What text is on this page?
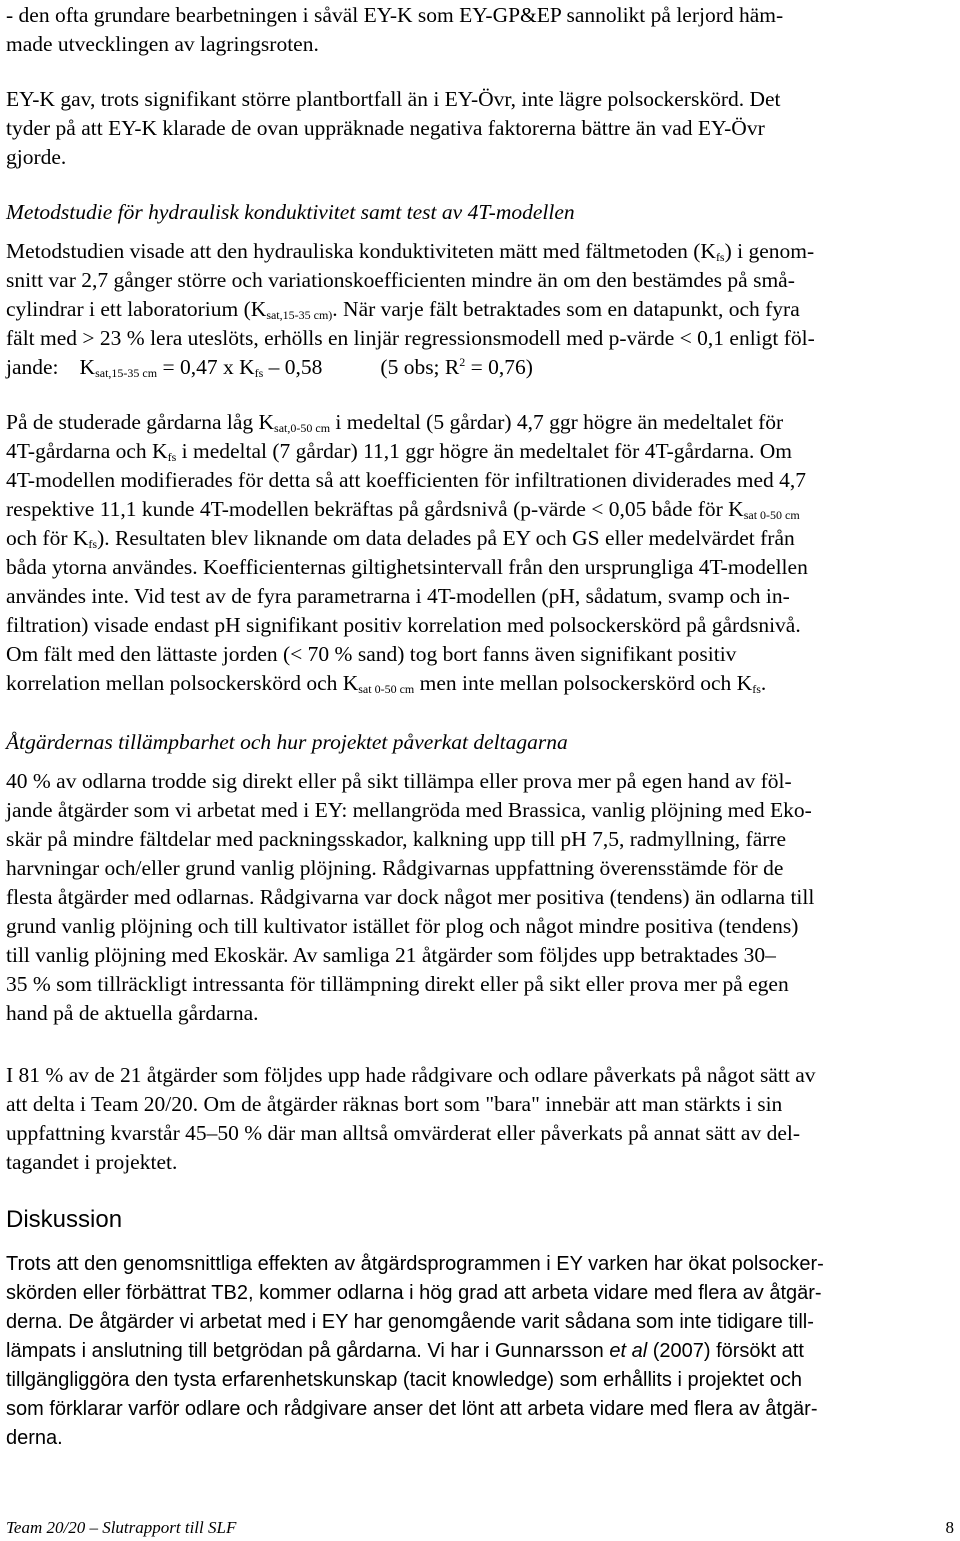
- den ofta grundare bearbetningen i såväl EY-K som EY-GP&EP sannolikt på lerjord häm-
made utvecklingen av lagringsroten.
EY-K gav, trots signifikant större plantbortfall än i EY-Övr, inte lägre polsockerskörd. Det
tyder på att EY-K klarade de ovan uppräknade negativa faktorerna bättre än vad EY-Övr
gjorde.
Metodstudie för hydraulisk konduktivitet samt test av 4T-modellen
Metodstudien visade att den hydrauliska konduktiviteten mätt med fältmetoden $(K_{fs})$ i genom-
snitt var 2,7 gånger större och variationskoefficienten mindre än om den bestämdes på små-
cylindrar i ett laboratorium ($K_{sat,15-35 cm)}$. När varje fält betraktades som en datapunkt, och fyra
fält med > 23 % lera uteslöts, erhölls en linjär regressionsmodell med p-värde < 0,1 enligt föl-
jande: $K_{sat,15-35 cm} = 0,47$ x $K_{fs} - 0,58$	(5 obs; $R^2 = 0,76$)
På de studerade gårdarna låg $K_{sat,0-50 cm}$ i medeltal (5 gårdar) 4,7 ggr högre än medeltalet för
4T-gårdarna och $K_{fs}$ i medeltal (7 gårdar) 11,1 ggr högre än medeltalet för 4T-gårdarna. Om
4T-modellen modifierades för detta så att koefficienten för infiltrationen dividerades med 4,7
respektive 11,1 kunde 4T-modellen bekräftas på gårdsnivå (p-värde < 0,05 både för $K_{sat 0-50 cm}$
och för $K_{fs}$). Resultaten blev liknande om data delades på EY och GS eller medelvärdet från
båda ytorna användes. Koefficienternas giltighetsintervall från den ursprungliga 4T-modellen
användes inte. Vid test av de fyra parametrarna i 4T-modellen (pH, sådatum, svamp och in-
filtration) visade endast pH signifikant positiv korrelation med polsockerskörd på gårdsnivå.
Om fält med den lättaste jorden (< 70 % sand) tog bort fanns även signifikant positiv
korrelation mellan polsockerskörd och $K_{sat 0-50 cm}$ men inte mellan polsockerskörd och $K_{fs}$.
Åtgärdernas tillämpbarhet och hur projektet påverkat deltagarna
40 % av odlarna trodde sig direkt eller på sikt tillämpa eller prova mer på egen hand av föl-
jande åtgärder som vi arbetat med i EY: mellangröda med Brassica, vanlig plöjning med Eko-
skär på mindre fältdelar med packningsskador, kalkning upp till pH 7,5, radmyllning, färre
harvningar och/eller grund vanlig plöjning. Rådgivarnas uppfattning överensstämde för de
flesta åtgärder med odlarnas. Rådgivarna var dock något mer positiva (tendens) än odlarna till
grund vanlig plöjning och till kultivator istället för plog och något mindre positiva (tendens)
till vanlig plöjning med Ekoskär. Av samliga 21 åtgärder som följdes upp betraktades 30–
35 % som tillräckligt intressanta för tillämpning direkt eller på sikt eller prova mer på egen
hand på de aktuella gårdarna.
I 81 % av de 21 åtgärder som följdes upp hade rådgivare och odlare påverkats på något sätt av
att delta i Team 20/20. Om de åtgärder räknas bort som "bara" innebär att man stärkts i sin
uppfattning kvarstår 45–50 % där man alltså omvärderat eller påverkats på annat sätt av del-
tagandet i projektet.
Diskussion
Trots att den genomsnittliga effekten av åtgärdsprogrammen i EY varken har ökat polsocker-
skörden eller förbättrat TB2, kommer odlarna i hög grad att arbeta vidare med flera av åtgär-
derna. De åtgärder vi arbetat med i EY har genomgående varit sådana som inte tidigare till-
lämpats i anslutning till betgrödan på gårdarna. Vi har i Gunnarsson et al (2007) försökt att
tillgängliggöra den tysta erfarenhetskunskap (tacit knowledge) som erhållits i projektet och
som förklarar varför odlare och rådgivare anser det lönt att arbeta vidare med flera av åtgär-
derna.
Team 20/20 – Slutrapport till SLF	8
